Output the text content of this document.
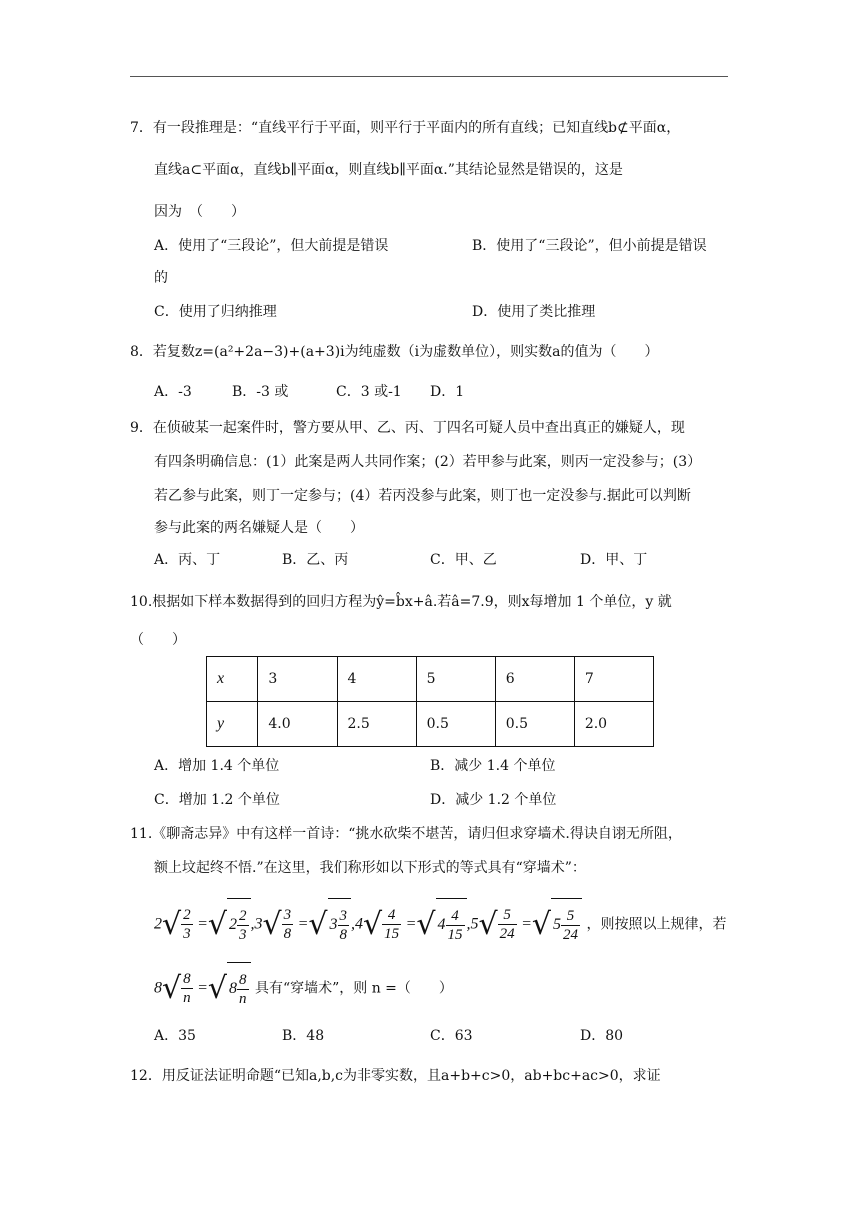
7．有一段推理是：“直线平行于平面，则平行于平面内的所有直线；已知直线b⊄平面α，
直线a⊂平面α，直线b∥平面α，则直线b∥平面α.”其结论显然是错误的，这是
因为　（　　）
A．使用了“三段论”，但大前提是错误	B．使用了“三段论”，但小前提是错误
的
C．使用了归纳推理	D．使用了类比推理
8．若复数z=(a²+2a−3)+(a+3)i为纯虚数（i为虚数单位），则实数a的值为（　　）
A．-3	B．-3 或	C．3 或-1 D．1
9．在侦破某一起案件时，警方要从甲、乙、丙、丁四名可疑人员中查出真正的嫌疑人，现
有四条明确信息：(1）此案是两人共同作案；(2）若甲参与此案，则丙一定没参与；(3）
若乙参与此案，则丁一定参与；(4）若丙没参与此案，则丁也一定没参与.据此可以判断
参与此案的两名嫌疑人是（　　）
A．丙、丁	B．乙、丙	C．甲、乙	D．甲、丁
10.根据如下样本数据得到的回归方程为ŷ=b̂x+â.若â=7.9，则x每增加 1 个单位，y 就
（　　）
x	3	4	5	6	7
y	4.0	2.5	0.5	0.5	2.0
A．增加 1.4 个单位	B．减少 1.4 个单位
C．增加 1.2 个单位	D．减少 1.2 个单位
11.《聊斋志异》中有这样一首诗：“挑水砍柴不堪苦，请归但求穿墙术.得诀自诩无所阻，
额上坟起终不悟.”在这里，我们称形如以下形式的等式具有“穿墙术”：
$2√ \frac{2}{3}$ =√ $2 \frac{2}{3} ,3√ \frac{3}{8}$ =√ $3 \frac{3}{8} ,4√ \frac{4}{15}$ =√ $4 \frac{4}{15} ,5√ \frac{5}{24}$ =√ $5 \frac{5}{24}$ ，则按照以上规律，若
$8√ \frac{8}{n}$ =√ $8 \frac{8}{n}$ 具有“穿墙术”，则 n =（　　）
A．35	B．48	C．63	D．80
12．用反证法证明命题“已知a,b,c为非零实数，且a+b+c>0，ab+bc+ac>0，求证
